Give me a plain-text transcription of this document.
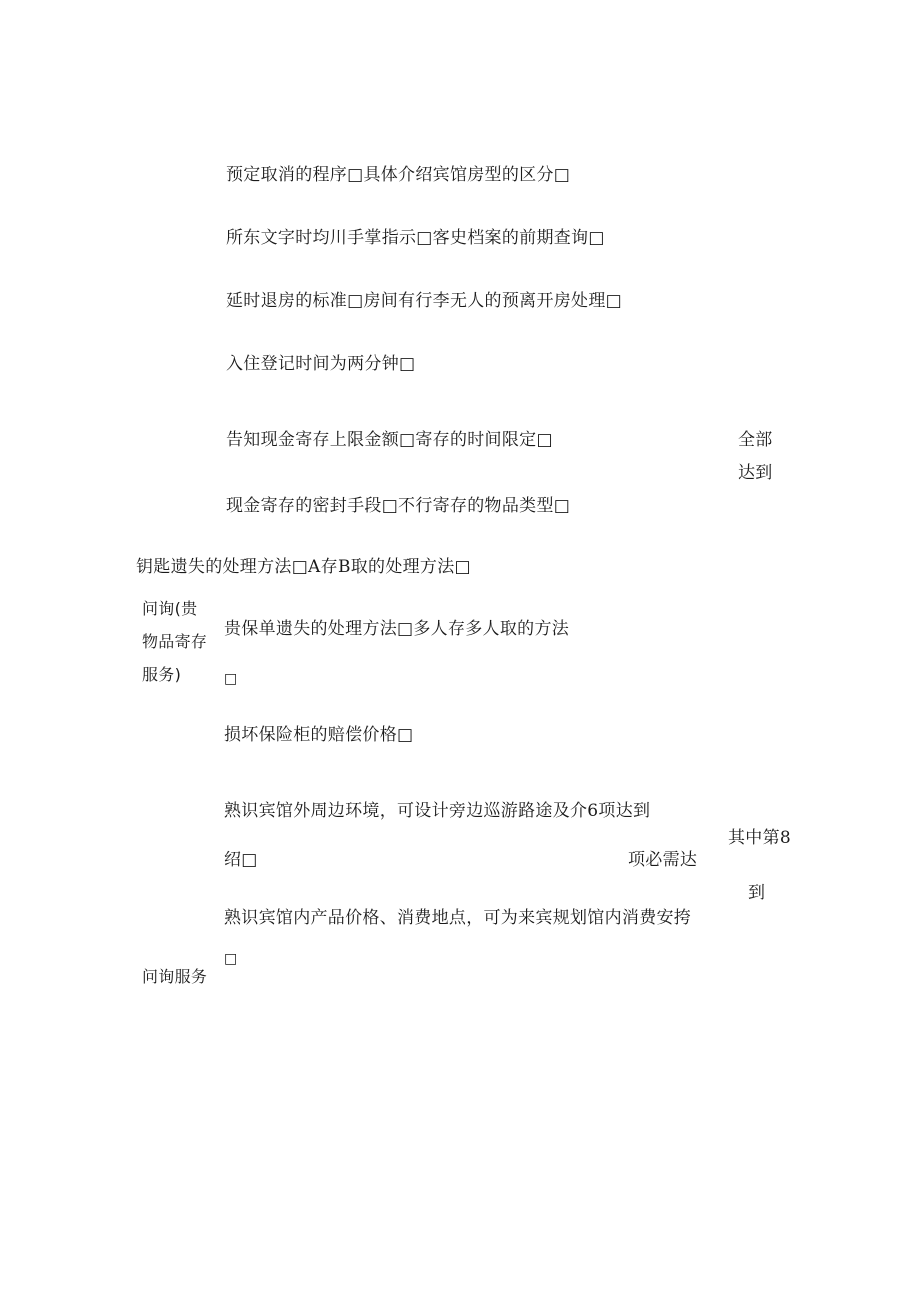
预定取消的程序□具体介绍宾馆房型的区分□
所东文字时均川手掌指示□客史档案的前期查询□
延时退房的标准□房间有行李无人的预离开房处理□
入住登记时间为两分钟□
告知现金寄存上限金额□寄存的时间限定□
现金寄存的密封手段□不行寄存的物品类型□
钥匙遗失的处理方法□A存B取的处理方法□
贵保单遗失的处理方法□多人存多人取的方法
□
损坏保险柜的赔偿价格□
熟识宾馆外周边环境，可设计旁边巡游路途及介6项达到
绍□
熟识宾馆内产品价格、消费地点，可为来宾规划馆内消费安挎
□
问询(贵
物品寄存
服务)
问询服务
全部
达到
其中第8
项必需达
到
